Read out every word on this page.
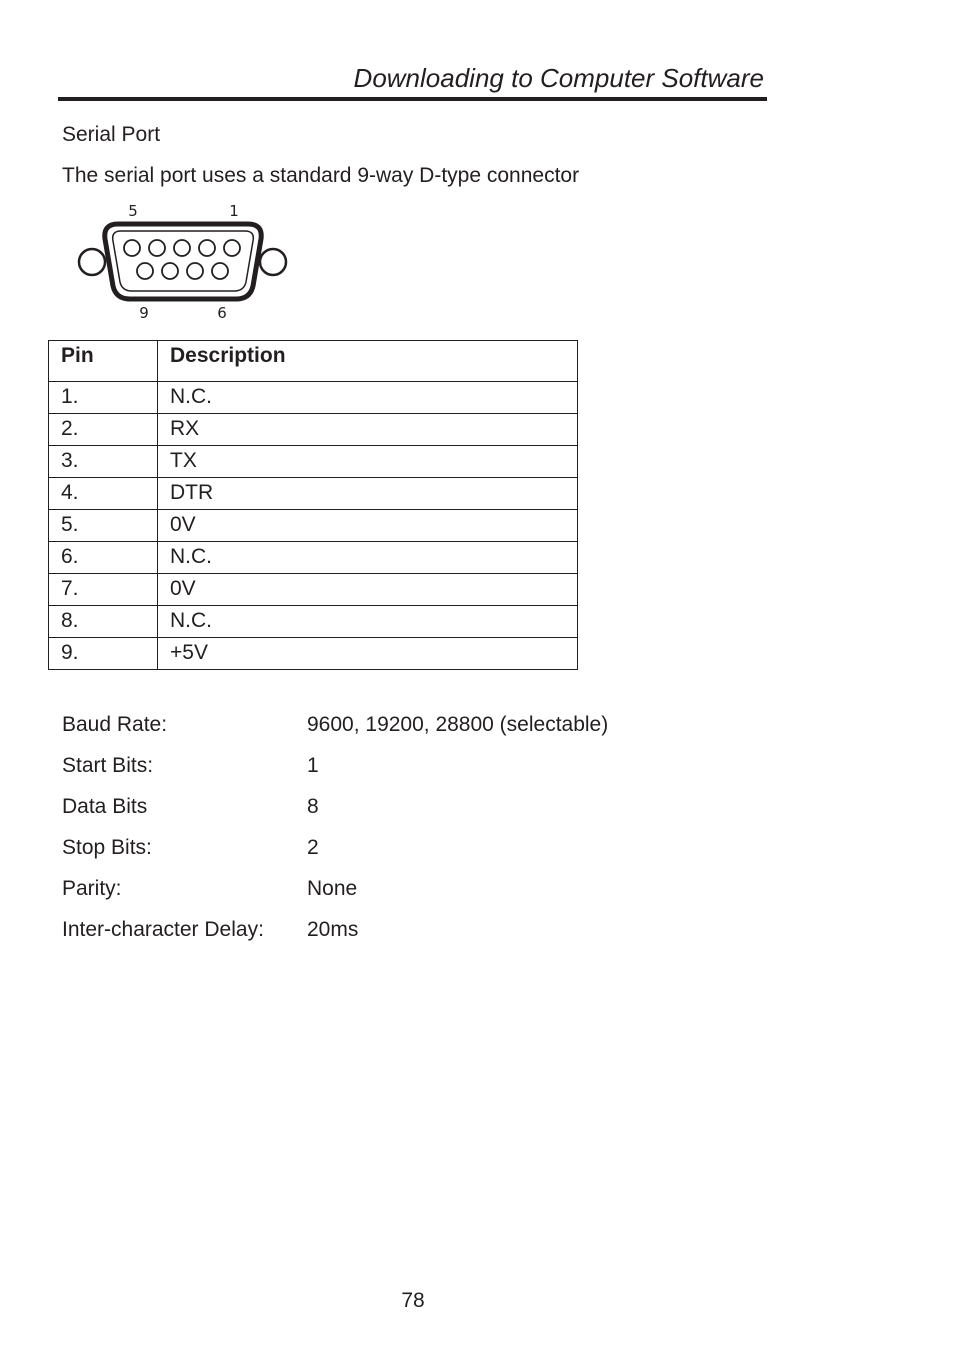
Downloading to Computer Software
Serial Port
The serial port uses a standard 9-way D-type connector
5	1
9	6
Pin	Description
1.	N.C.
2.	RX
3.	TX
4.	DTR
5.	0V
6.	N.C.
7.	0V
8.	N.C.
9.	+5V
Baud Rate:	9600, 19200, 28800 (selectable)
Start Bits:	1
Data Bits	8
Stop Bits:	2
Parity:	None
Inter-character Delay:	20ms
78
